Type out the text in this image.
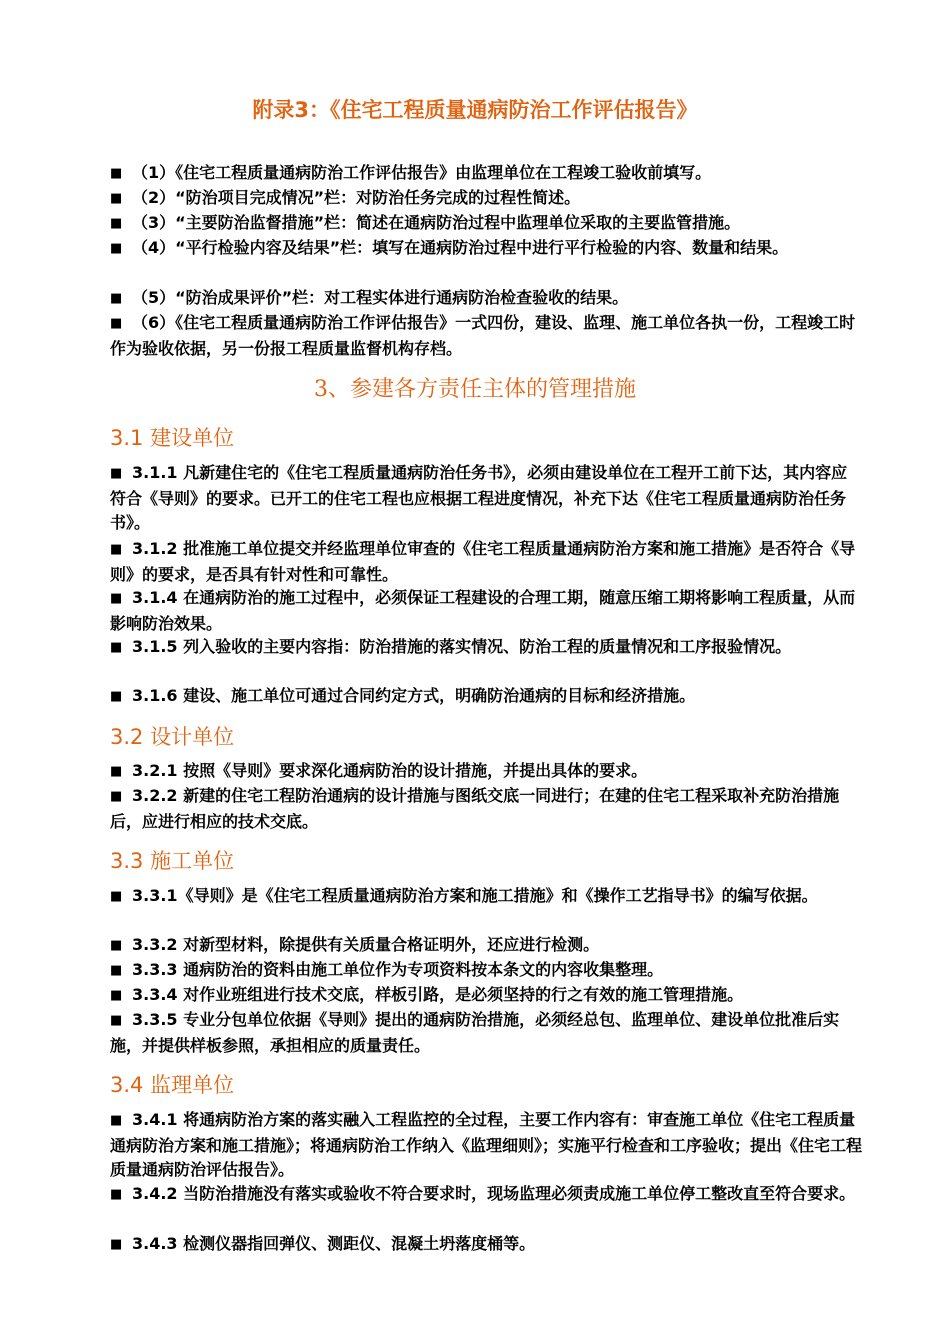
附录3：《住宅工程质量通病防治工作评估报告》
■ （1）《住宅工程质量通病防治工作评估报告》由监理单位在工程竣工验收前填写。
■ （2）“防治项目完成情况”栏：对防治任务完成的过程性简述。
■ （3）“主要防治监督措施”栏：简述在通病防治过程中监理单位采取的主要监管措施。
■ （4）“平行检验内容及结果”栏：填写在通病防治过程中进行平行检验的内容、数量和结果。
■ （5）“防治成果评价”栏：对工程实体进行通病防治检查验收的结果。
■ （6）《住宅工程质量通病防治工作评估报告》一式四份，建设、监理、施工单位各执一份，工程竣工时作为验收依据，另一份报工程质量监督机构存档。
3、参建各方责任主体的管理措施
3.1 建设单位
■ 3.1.1 凡新建住宅的《住宅工程质量通病防治任务书》，必须由建设单位在工程开工前下达，其内容应符合《导则》的要求。已开工的住宅工程也应根据工程进度情况，补充下达《住宅工程质量通病防治任务书》。
■ 3.1.2 批准施工单位提交并经监理单位审查的《住宅工程质量通病防治方案和施工措施》是否符合《导则》的要求，是否具有针对性和可靠性。
■ 3.1.4 在通病防治的施工过程中，必须保证工程建设的合理工期，随意压缩工期将影响工程质量，从而影响防治效果。
■ 3.1.5 列入验收的主要内容指：防治措施的落实情况、防治工程的质量情况和工序报验情况。
■ 3.1.6 建设、施工单位可通过合同约定方式，明确防治通病的目标和经济措施。
3.2 设计单位
■ 3.2.1 按照《导则》要求深化通病防治的设计措施，并提出具体的要求。
■ 3.2.2 新建的住宅工程防治通病的设计措施与图纸交底一同进行；在建的住宅工程采取补充防治措施后，应进行相应的技术交底。
3.3 施工单位
■ 3.3.1《导则》是《住宅工程质量通病防治方案和施工措施》和《操作工艺指导书》的编写依据。
■ 3.3.2 对新型材料，除提供有关质量合格证明外，还应进行检测。
■ 3.3.3 通病防治的资料由施工单位作为专项资料按本条文的内容收集整理。
■ 3.3.4 对作业班组进行技术交底，样板引路，是必须坚持的行之有效的施工管理措施。
■ 3.3.5 专业分包单位依据《导则》提出的通病防治措施，必须经总包、监理单位、建设单位批准后实施，并提供样板参照，承担相应的质量责任。
3.4 监理单位
■ 3.4.1 将通病防治方案的落实融入工程监控的全过程，主要工作内容有：审查施工单位《住宅工程质量通病防治方案和施工措施》；将通病防治工作纳入《监理细则》；实施平行检查和工序验收；提出《住宅工程质量通病防治评估报告》。
■ 3.4.2 当防治措施没有落实或验收不符合要求时，现场监理必须责成施工单位停工整改直至符合要求。
■ 3.4.3 检测仪器指回弹仪、测距仪、混凝土坍落度桶等。
